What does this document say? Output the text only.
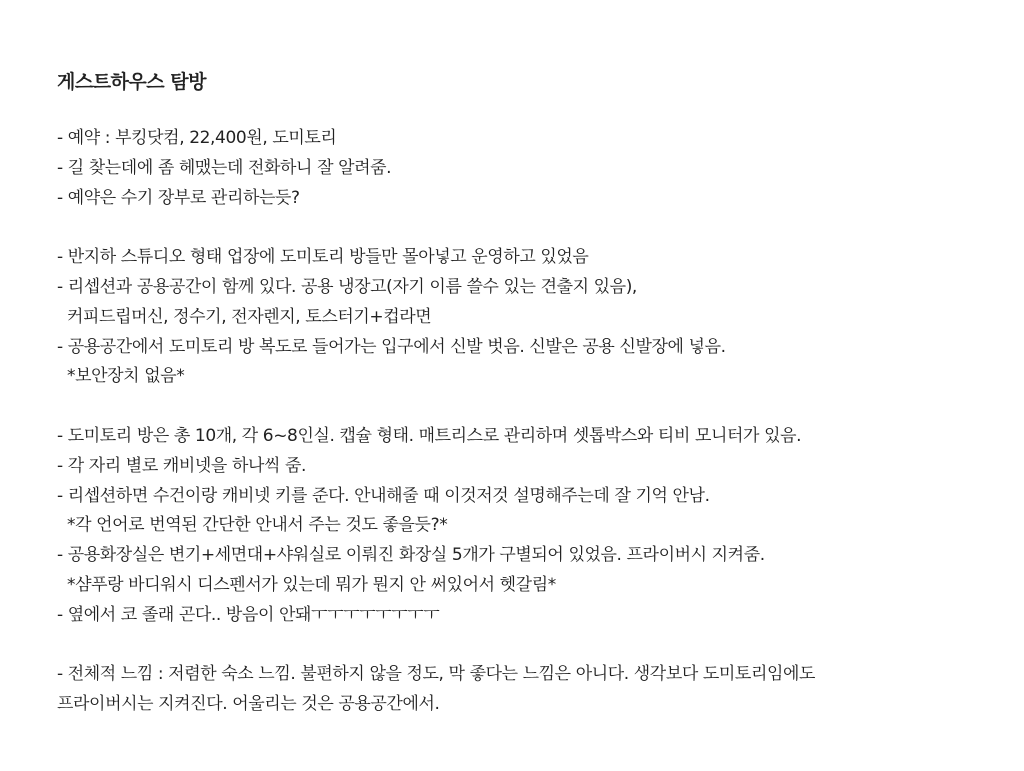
게스트하우스 탐방
- 예약 : 부킹닷컴, 22,400원, 도미토리
- 길 찾는데에 좀 헤맸는데 전화하니 잘 알려줌.
- 예약은 수기 장부로 관리하는듯?
- 반지하 스튜디오 형태 업장에 도미토리 방들만 몰아넣고 운영하고 있었음
- 리셉션과 공용공간이 함께 있다. 공용 냉장고(자기 이름 쓸수 있는 견출지 있음),
커피드립머신, 정수기, 전자렌지, 토스터기+컵라면
- 공용공간에서 도미토리 방 복도로 들어가는 입구에서 신발 벗음. 신발은 공용 신발장에 넣음.
*보안장치 없음*
- 도미토리 방은 총 10개, 각 6~8인실. 캡슐 형태. 매트리스로 관리하며 셋톱박스와 티비 모니터가 있음.
- 각 자리 별로 캐비넷을 하나씩 줌.
- 리셉션하면 수건이랑 캐비넷 키를 준다. 안내해줄 때 이것저것 설명해주는데 잘 기억 안남.
*각 언어로 번역된 간단한 안내서 주는 것도 좋을듯?*
- 공용화장실은 변기+세면대+샤워실로 이뤄진 화장실 5개가 구별되어 있었음. 프라이버시 지켜줌.
*샴푸랑 바디워시 디스펜서가 있는데 뭐가 뭔지 안 써있어서 헷갈림*
- 옆에서 코 졸래 곤다.. 방음이 안돼ㅜㅜㅜㅜㅜㅜㅜㅜ
- 전체적 느낌 : 저렴한 숙소 느낌. 불편하지 않을 정도, 막 좋다는 느낌은 아니다. 생각보다 도미토리임에도
프라이버시는 지켜진다. 어울리는 것은 공용공간에서.
